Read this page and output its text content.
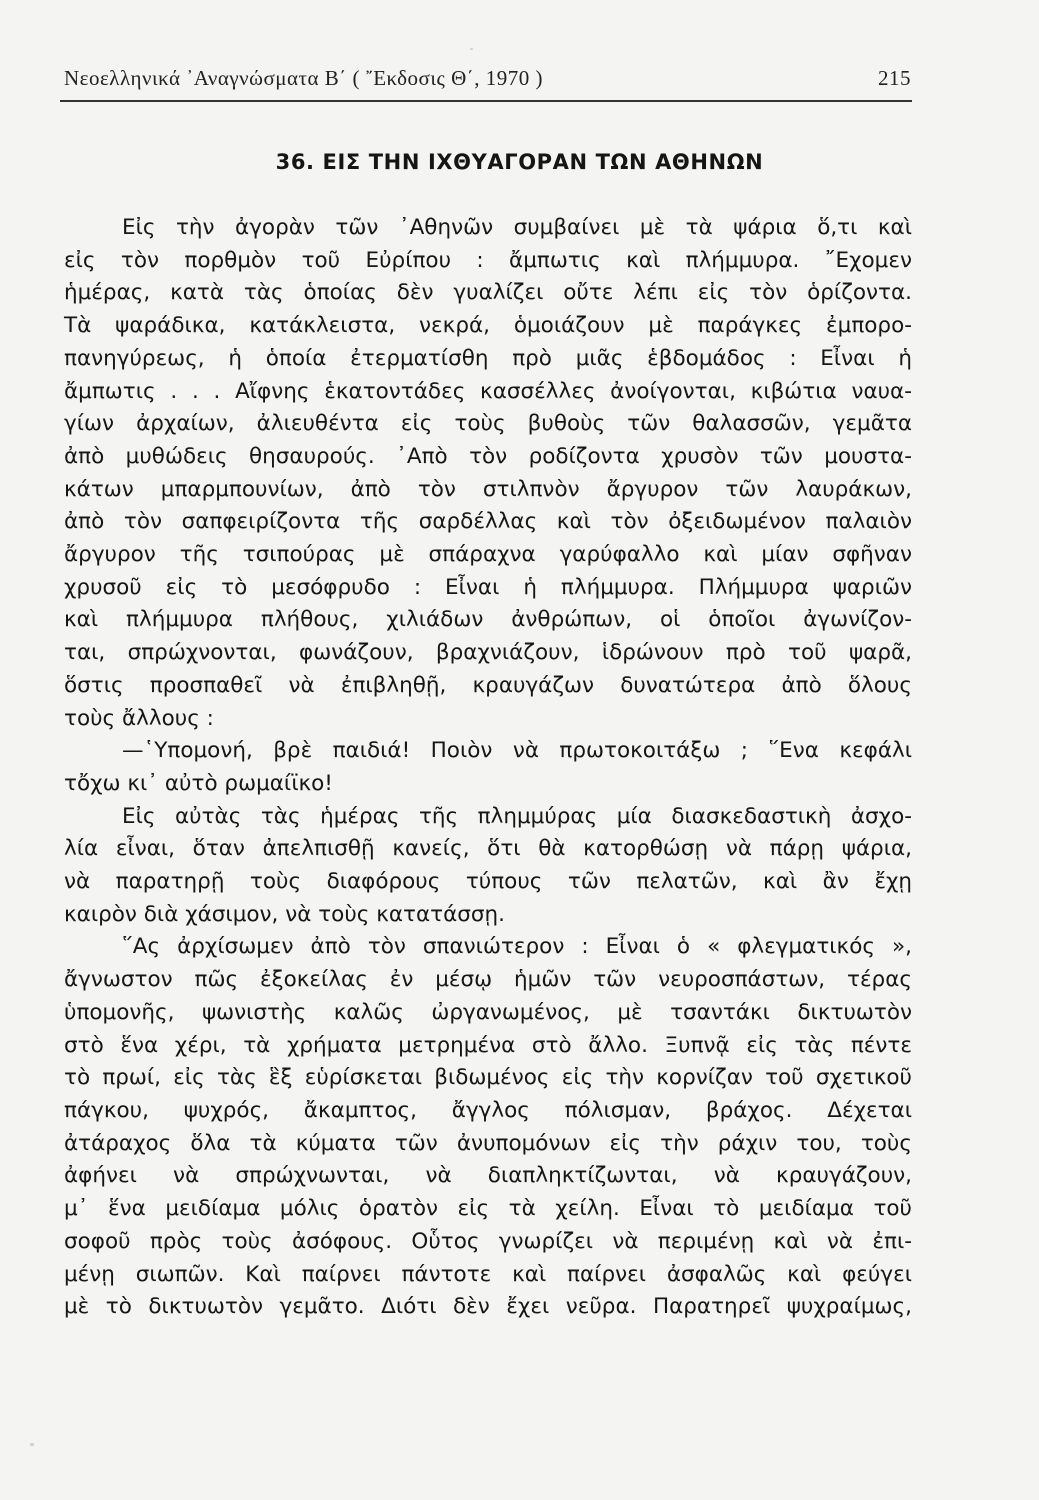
Νεοελληνικά ᾽Αναγνώσματα Β΄ ( ῎Εκδοσις Θ΄, 1970 )	215
36. ΕΙΣ ΤΗΝ ΙΧΘΥΑΓΟΡΑΝ ΤΩΝ ΑΘΗΝΩΝ
Εἰς τὴν ἀγορὰν τῶν ᾽Αθηνῶν συμβαίνει μὲ τὰ ψάρια ὅ,τι καὶ
εἰς τὸν πορθμὸν τοῦ Εὐρίπου : ἄμπωτις καὶ πλήμμυρα. ῎Εχομεν
ἡμέρας, κατὰ τὰς ὁποίας δὲν γυαλίζει οὔτε λέπι εἰς τὸν ὁρίζοντα.
Τὰ ψαράδικα, κατάκλειστα, νεκρά, ὁμοιάζουν μὲ παράγκες ἐμπορο-
πανηγύρεως, ἡ ὁποία ἐτερματίσθη πρὸ μιᾶς ἑβδομάδος : Εἶναι ἡ
ἄμπωτις . . . Αἴφνης ἑκατοντάδες κασσέλλες ἀνοίγονται, κιβώτια ναυα-
γίων ἀρχαίων, ἀλιευθέντα εἰς τοὺς βυθοὺς τῶν θαλασσῶν, γεμᾶτα
ἀπὸ μυθώδεις θησαυρούς. ᾽Απὸ τὸν ροδίζοντα χρυσὸν τῶν μουστα-
κάτων μπαρμπουνίων, ἀπὸ τὸν στιλπνὸν ἄργυρον τῶν λαυράκων,
ἀπὸ τὸν σαπφειρίζοντα τῆς σαρδέλλας καὶ τὸν ὀξειδωμένον παλαιὸν
ἄργυρον τῆς τσιπούρας μὲ σπάραχνα γαρύφαλλο καὶ μίαν σφῆναν
χρυσοῦ εἰς τὸ μεσόφρυδο : Εἶναι ἡ πλήμμυρα. Πλήμμυρα ψαριῶν
καὶ πλήμμυρα πλήθους, χιλιάδων ἀνθρώπων, οἱ ὁποῖοι ἀγωνίζον-
ται, σπρώχνονται, φωνάζουν, βραχνιάζουν, ἱδρώνουν πρὸ τοῦ ψαρᾶ,
ὅστις προσπαθεῖ νὰ ἐπιβληθῇ, κραυγάζων δυνατώτερα ἀπὸ ὅλους
τοὺς ἄλλους :
—῾Υπομονή, βρὲ παιδιά! Ποιὸν νὰ πρωτοκοιτάξω ; ῞Ενα κεφάλι
τὄχω κι᾽ αὐτὸ ρωμαίϊκο!
Εἰς αὐτὰς τὰς ἡμέρας τῆς πλημμύρας μία διασκεδαστικὴ ἀσχο-
λία εἶναι, ὅταν ἀπελπισθῇ κανείς, ὅτι θὰ κατορθώσῃ νὰ πάρῃ ψάρια,
νὰ παρατηρῇ τοὺς διαφόρους τύπους τῶν πελατῶν, καὶ ἂν ἔχῃ
καιρὸν διὰ χάσιμον, νὰ τοὺς κατατάσσῃ.
῞Ας ἀρχίσωμεν ἀπὸ τὸν σπανιώτερον : Εἶναι ὁ « φλεγματικός »,
ἄγνωστον πῶς ἐξοκείλας ἐν μέσῳ ἡμῶν τῶν νευροσπάστων, τέρας
ὑπομονῆς, ψωνιστὴς καλῶς ὠργανωμένος, μὲ τσαντάκι δικτυωτὸν
στὸ ἕνα χέρι, τὰ χρήματα μετρημένα στὸ ἄλλο. Ξυπνᾷ εἰς τὰς πέντε
τὸ πρωί, εἰς τὰς ἓξ εὑρίσκεται βιδωμένος εἰς τὴν κορνίζαν τοῦ σχετικοῦ
πάγκου, ψυχρός, ἄκαμπτος, ἄγγλος πόλισμαν, βράχος. Δέχεται
ἀτάραχος ὅλα τὰ κύματα τῶν ἀνυπομόνων εἰς τὴν ράχιν του, τοὺς
ἀφήνει νὰ σπρώχνωνται, νὰ διαπληκτίζωνται, νὰ κραυγάζουν,
μ᾽ ἕνα μειδίαμα μόλις ὁρατὸν εἰς τὰ χείλη. Εἶναι τὸ μειδίαμα τοῦ
σοφοῦ πρὸς τοὺς ἀσόφους. Οὗτος γνωρίζει νὰ περιμένῃ καὶ νὰ ἐπι-
μένῃ σιωπῶν. Καὶ παίρνει πάντοτε καὶ παίρνει ἀσφαλῶς καὶ φεύγει
μὲ τὸ δικτυωτὸν γεμᾶτο. Διότι δὲν ἔχει νεῦρα. Παρατηρεῖ ψυχραίμως,
